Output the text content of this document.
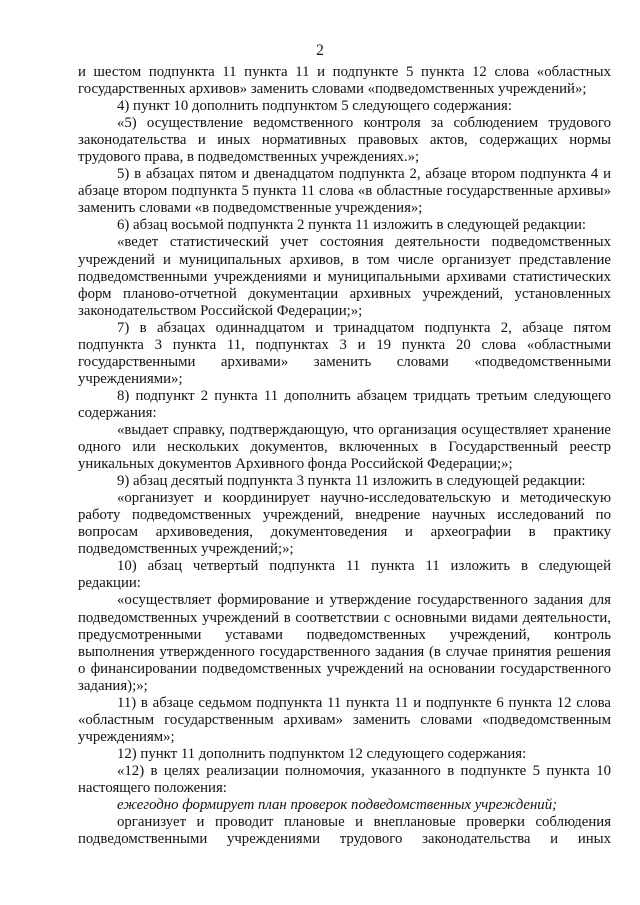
2

и шестом подпункта 11 пункта 11 и подпункте 5 пункта 12 слова «областных государственных архивов» заменить словами «подведомственных учреждений»;

4) пункт 10 дополнить подпунктом 5 следующего содержания:

«5) осуществление ведомственного контроля за соблюдением трудового законодательства и иных нормативных правовых актов, содержащих нормы трудового права, в подведомственных учреждениях.»;

5) в абзацах пятом и двенадцатом подпункта 2, абзаце втором подпункта 4 и абзаце втором подпункта 5 пункта 11 слова «в областные государственные архивы» заменить словами «в подведомственные учреждения»;

6) абзац восьмой подпункта 2 пункта 11 изложить в следующей редакции:

«ведет статистический учет состояния деятельности подведомственных учреждений и муниципальных архивов, в том числе организует представление подведомственными учреждениями и муниципальными архивами статистических форм планово-отчетной документации архивных учреждений, установленных законодательством Российской Федерации;»;

7) в абзацах одиннадцатом и тринадцатом подпункта 2, абзаце пятом подпункта 3 пункта 11, подпунктах 3 и 19 пункта 20 слова «областными государственными архивами» заменить словами «подведомственными учреждениями»;

8) подпункт 2 пункта 11 дополнить абзацем тридцать третьим следующего содержания:

«выдает справку, подтверждающую, что организация осуществляет хранение одного или нескольких документов, включенных в Государственный реестр уникальных документов Архивного фонда Российской Федерации;»;

9) абзац десятый подпункта 3 пункта 11 изложить в следующей редакции:

«организует и координирует научно-исследовательскую и методическую работу подведомственных учреждений, внедрение научных исследований по вопросам архивоведения, документоведения и археографии в практику подведомственных учреждений;»;

10) абзац четвертый подпункта 11 пункта 11 изложить в следующей редакции:

«осуществляет формирование и утверждение государственного задания для подведомственных учреждений в соответствии с основными видами деятельности, предусмотренными уставами подведомственных учреждений, контроль выполнения утвержденного государственного задания (в случае принятия решения о финансировании подведомственных учреждений на основании государственного задания);»;

11) в абзаце седьмом подпункта 11 пункта 11 и подпункте 6 пункта 12 слова «областным государственным архивам» заменить словами «подведомственным учреждениям»;

12) пункт 11 дополнить подпунктом 12 следующего содержания:

«12) в целях реализации полномочия, указанного в подпункте 5 пункта 10 настоящего положения:

ежегодно формирует план проверок подведомственных учреждений;

организует и проводит плановые и внеплановые проверки соблюдения подведомственными учреждениями трудового законодательства и иных
